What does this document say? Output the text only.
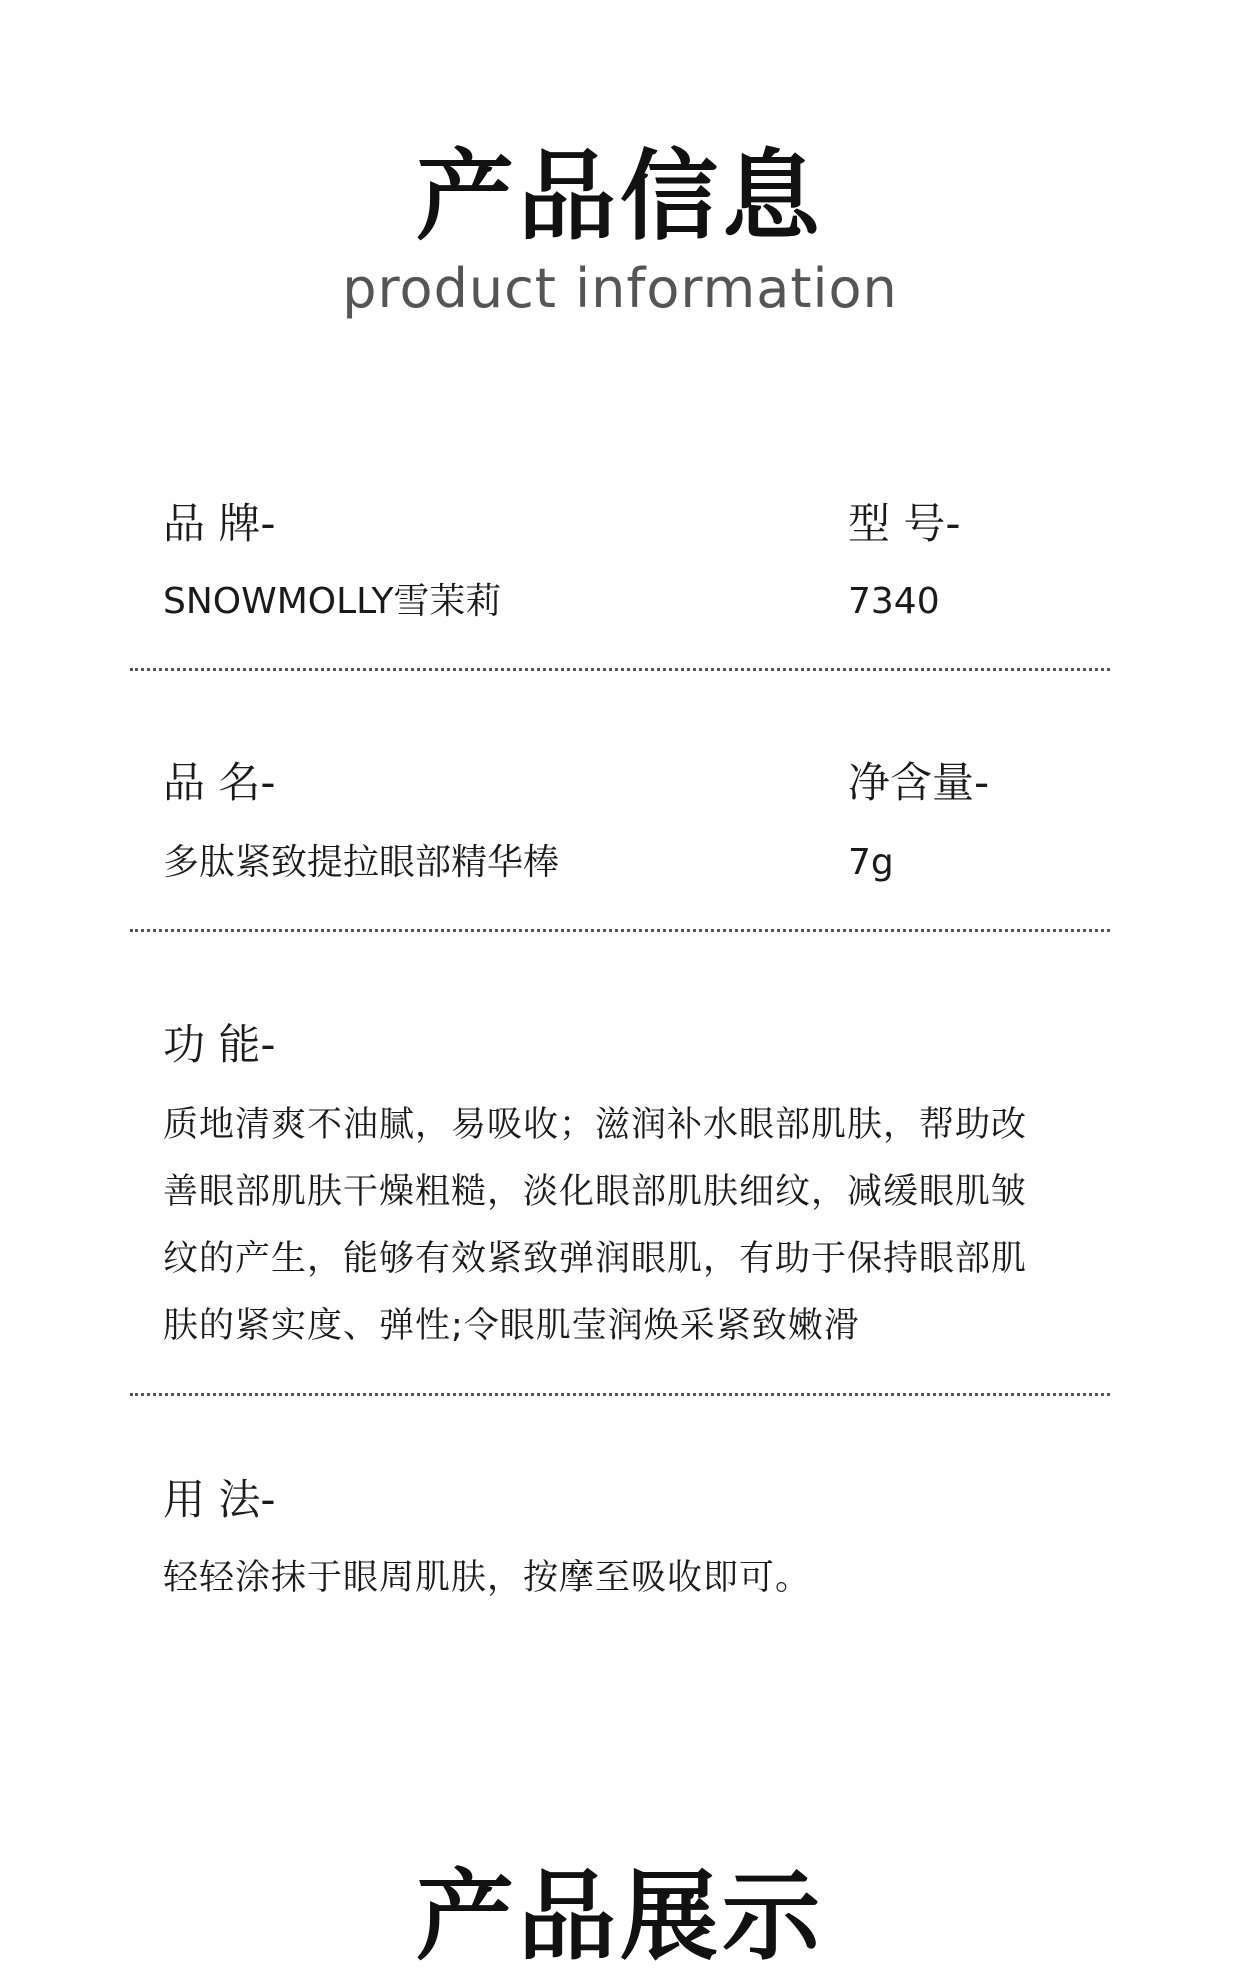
产品信息
product information
品 牌-
SNOWMOLLY雪茉莉
型 号-
7340
品 名-
多肽紧致提拉眼部精华棒
净含量-
7g
功 能-
质地清爽不油腻，易吸收；滋润补水眼部肌肤，帮助改
善眼部肌肤干燥粗糙，淡化眼部肌肤细纹，减缓眼肌皱
纹的产生，能够有效紧致弹润眼肌，有助于保持眼部肌
肤的紧实度、弹性;令眼肌莹润焕采紧致嫩滑
用 法-
轻轻涂抹于眼周肌肤，按摩至吸收即可。
产品展示
